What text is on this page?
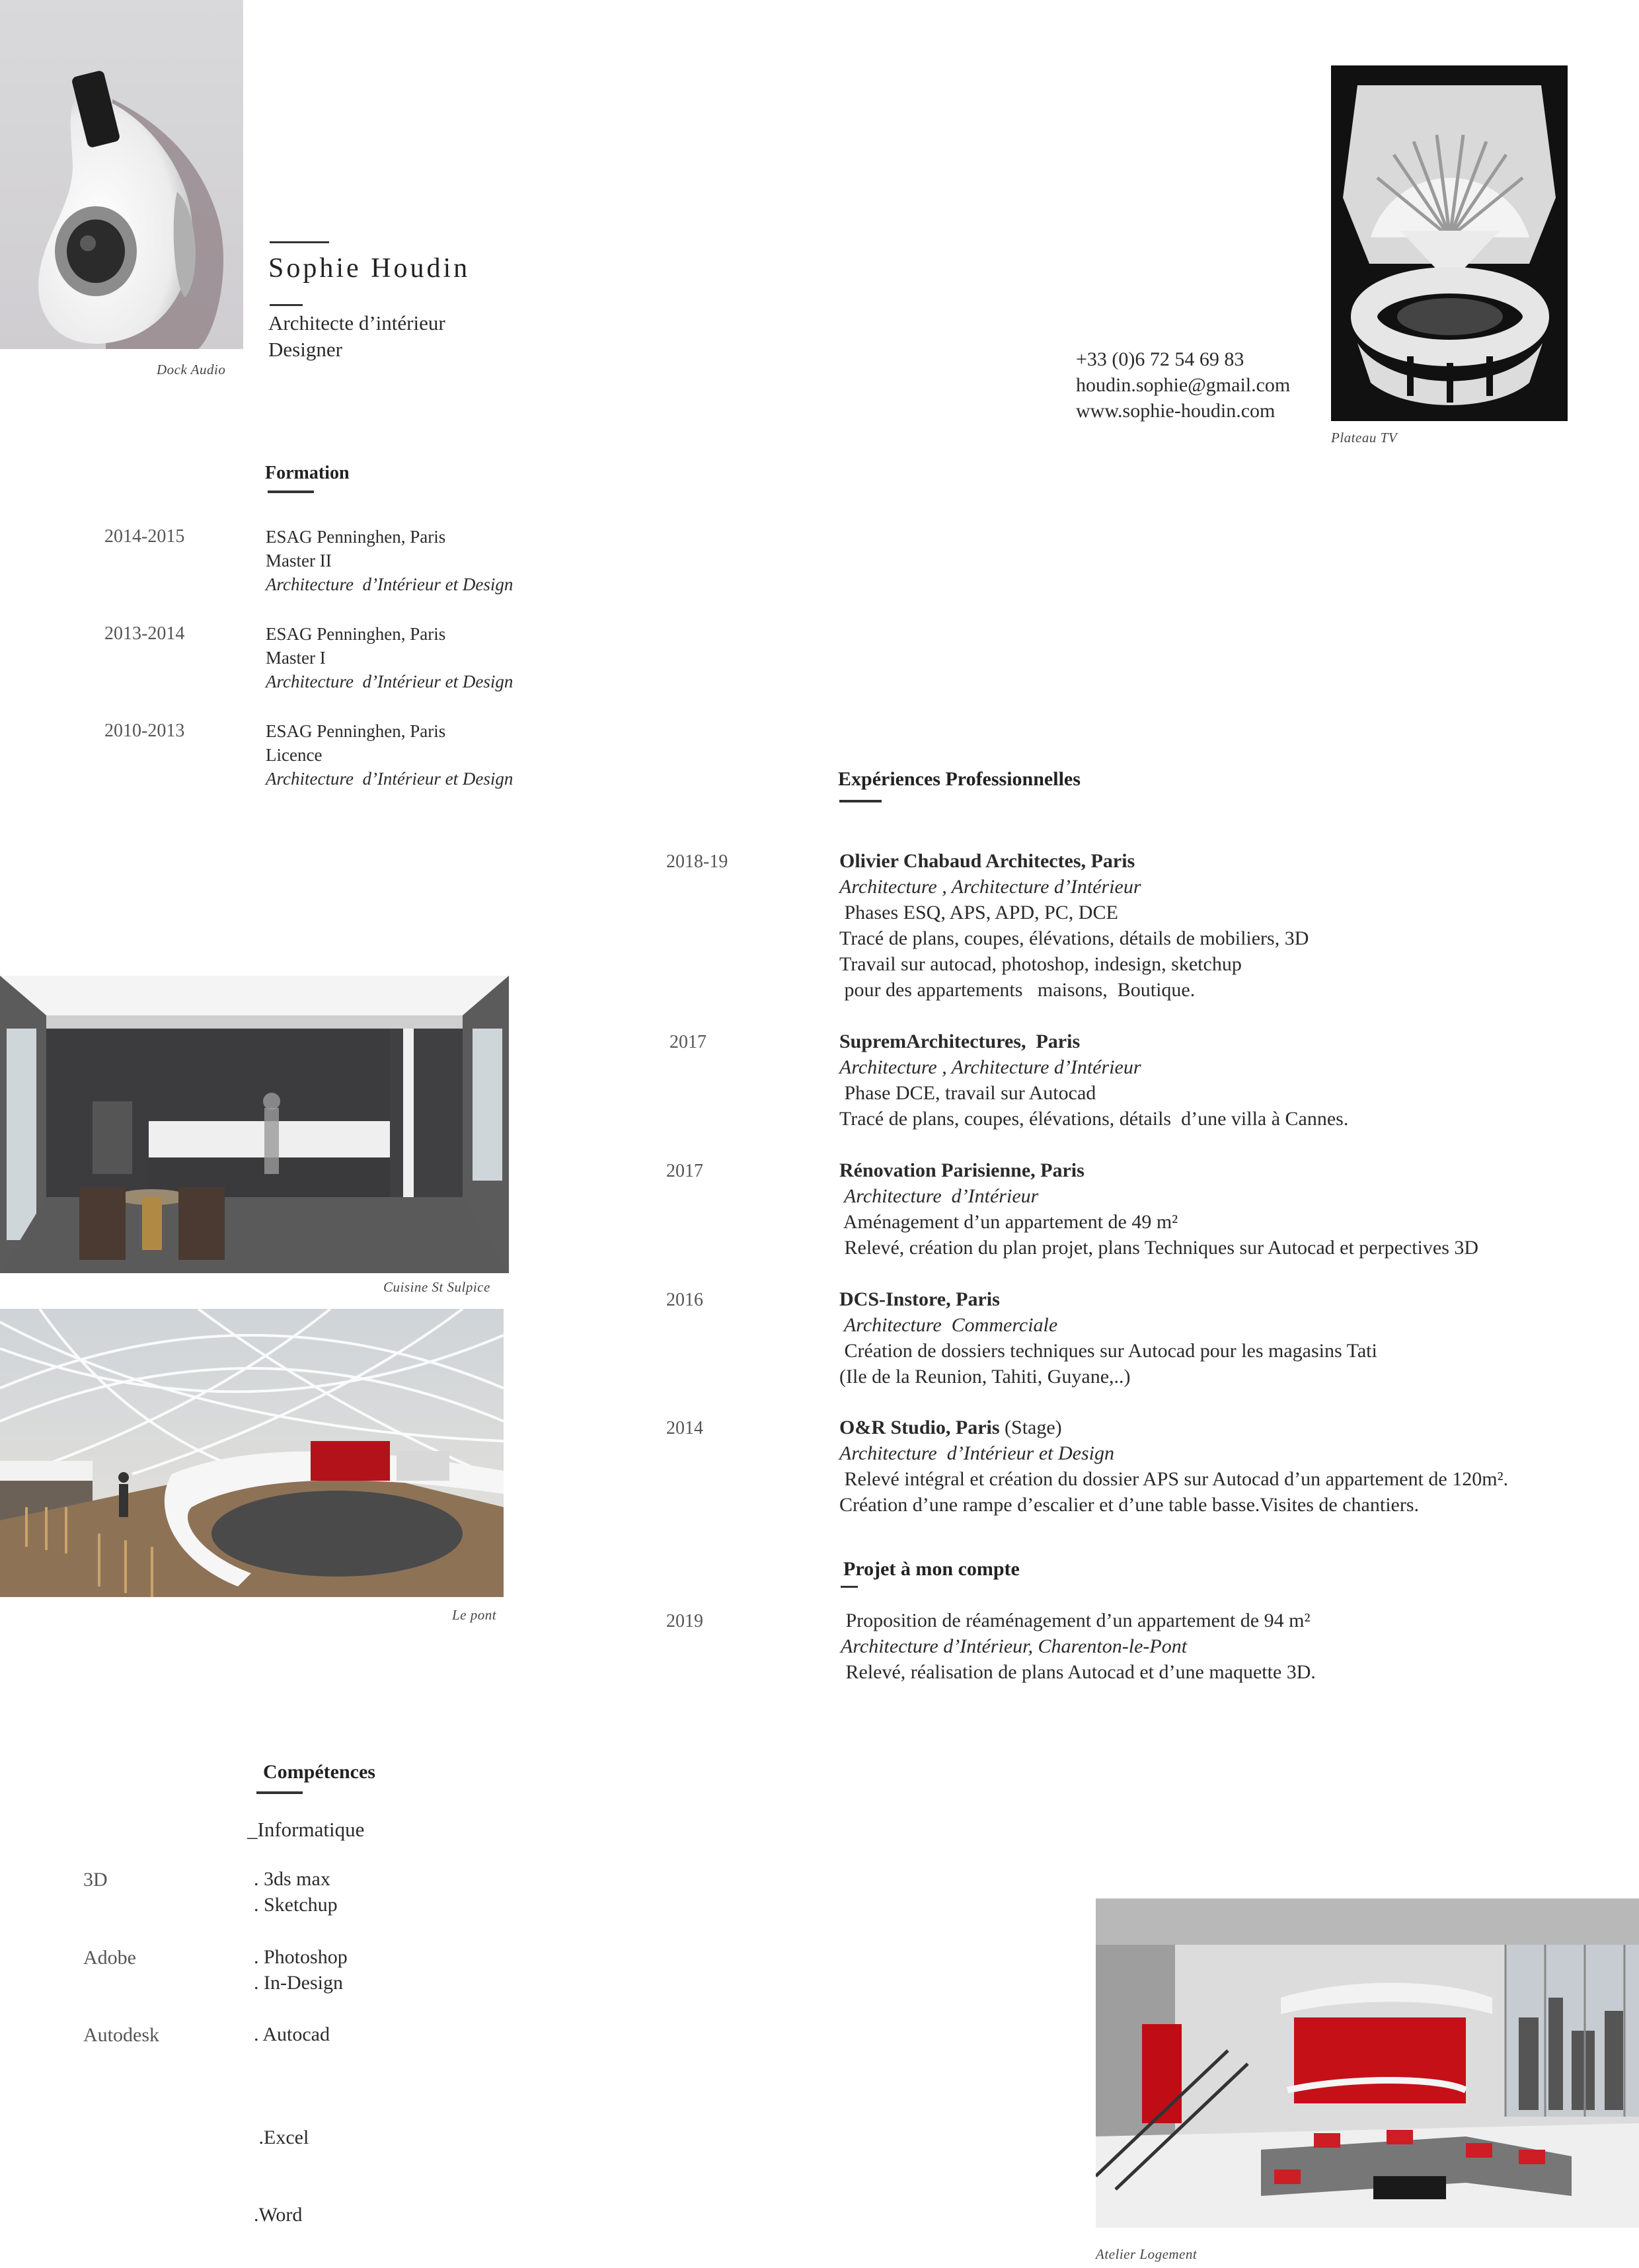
Dock Audio
Plateau TV
Cuisine St Sulpice
Le pont
Atelier Logement
Sophie Houdin
Architecte d’intérieur
Designer	+33 (0)6 72 54 69 83
houdin.sophie@gmail.com
www.sophie-houdin.com
Formation
2014-2015	ESAG Penninghen, Paris
Master II
Architecture  d’Intérieur et Design
2013-2014	ESAG Penninghen, Paris
Master I
Architecture  d’Intérieur et Design
2010-2013	ESAG Penninghen, Paris
Licence
Architecture  d’Intérieur et Design	Expériences Professionnelles
2018-19	Olivier Chabaud Architectes, Paris
Architecture , Architecture d’Intérieur
Phases ESQ, APS, APD, PC, DCE
Tracé de plans, coupes, élévations, détails de mobiliers, 3D
Travail sur autocad, photoshop, indesign, sketchup
pour des appartements   maisons,  Boutique.
2017	SupremArchitectures,  Paris
Architecture , Architecture d’Intérieur
Phase DCE, travail sur Autocad
Tracé de plans, coupes, élévations, détails  d’une villa à Cannes.
2017	Rénovation Parisienne, Paris
Architecture  d’Intérieur
Aménagement d’un appartement de 49 m²
Relevé, création du plan projet, plans Techniques sur Autocad et perpectives 3D
2016	DCS-Instore, Paris
Architecture  Commerciale
Création de dossiers techniques sur Autocad pour les magasins Tati
(Ile de la Reunion, Tahiti, Guyane,..)
2014	O&R Studio, Paris (Stage)
Architecture  d’Intérieur et Design
Relevé intégral et création du dossier APS sur Autocad d’un appartement de 120m².
Création d’une rampe d’escalier et d’une table basse.Visites de chantiers.
Projet à mon compte
2019	Proposition de réaménagement d’un appartement de 94 m²
Architecture d’Intérieur, Charenton-le-Pont
Relevé, réalisation de plans Autocad et d’une maquette 3D.
Compétences
_Informatique
3D	. 3ds max
. Sketchup
Adobe	. Photoshop
. In-Design
Autodesk	. Autocad

.Excel

.Word
